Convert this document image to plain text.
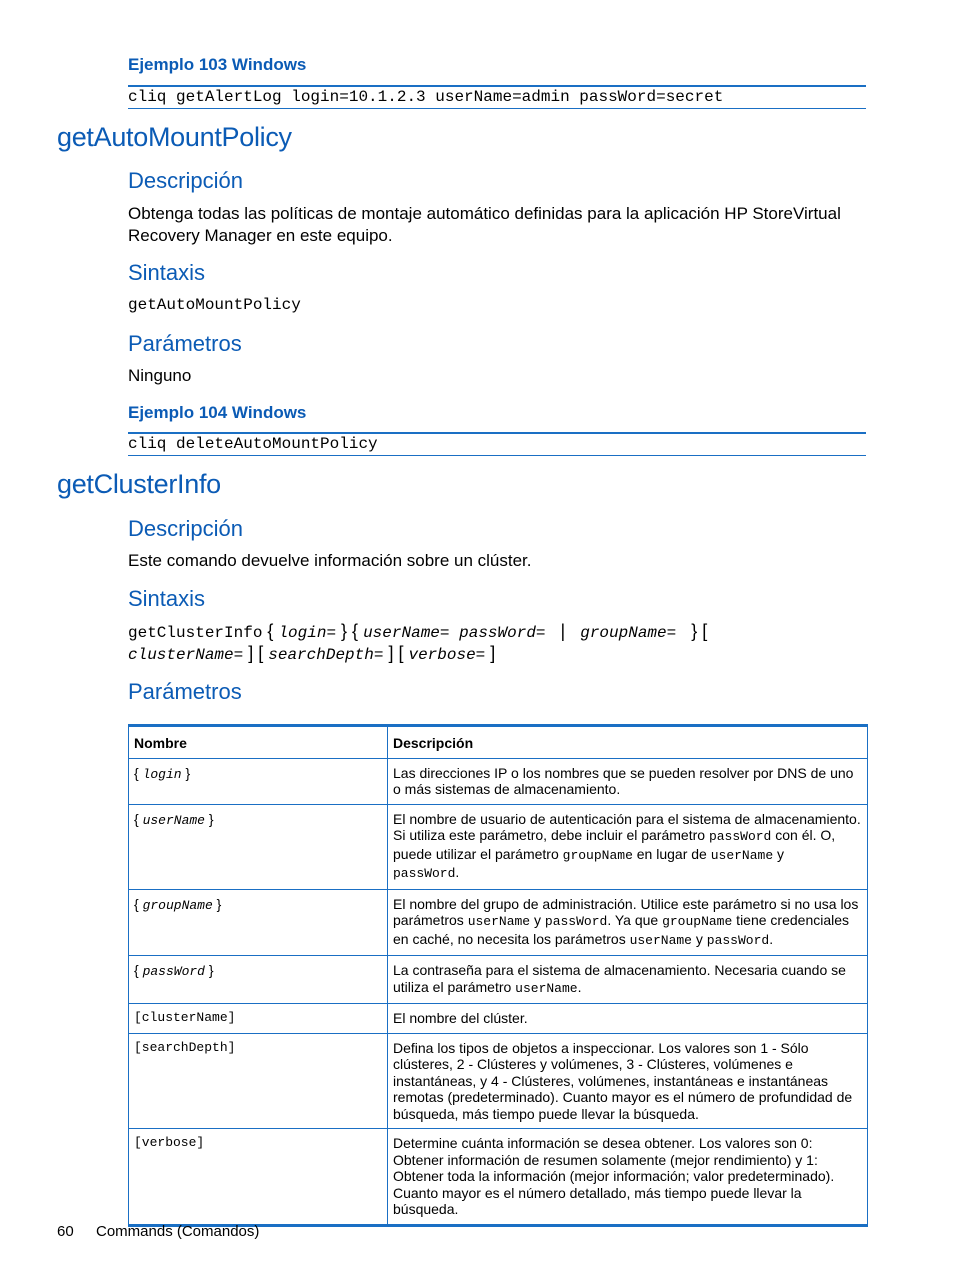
Ejemplo 103 Windows
cliq getAlertLog login=10.1.2.3 userName=admin passWord=secret
getAutoMountPolicy
Descripción
Obtenga todas las políticas de montaje automático definidas para la aplicación HP StoreVirtual Recovery Manager en este equipo.
Sintaxis
getAutoMountPolicy
Parámetros
Ninguno
Ejemplo 104 Windows
cliq deleteAutoMountPolicy
getClusterInfo
Descripción
Este comando devuelve información sobre un clúster.
Sintaxis
getClusterInfo { login= } { userName= passWord=   |   groupName=   } [
clusterName= ] [ searchDepth= ] [ verbose= ]
Parámetros
Nombre	Descripción
{ login }	Las direcciones IP o los nombres que se pueden resolver por DNS de uno o más sistemas de almacenamiento.
{ userName }	El nombre de usuario de autenticación para el sistema de almacenamiento. Si utiliza este parámetro, debe incluir el parámetro passWord con él. O, puede utilizar el parámetro groupName en lugar de userName y
passWord.
{ groupName }	El nombre del grupo de administración. Utilice este parámetro si no usa los parámetros userName y passWord. Ya que groupName tiene credenciales en caché, no necesita los parámetros userName y passWord.
{ passWord }	La contraseña para el sistema de almacenamiento. Necesaria cuando se utiliza el parámetro userName.
[clusterName]	El nombre del clúster.
[searchDepth]	Defina los tipos de objetos a inspeccionar. Los valores son 1 - Sólo clústeres, 2 - Clústeres y volúmenes, 3 - Clústeres, volúmenes e instantáneas, y 4 - Clústeres, volúmenes, instantáneas e instantáneas remotas (predeterminado). Cuanto mayor es el número de profundidad de búsqueda, más tiempo puede llevar la búsqueda.
[verbose]	Determine cuánta información se desea obtener. Los valores son 0: Obtener información de resumen solamente (mejor rendimiento) y 1: Obtener toda la información (mejor información; valor predeterminado). Cuanto mayor es el número detallado, más tiempo puede llevar la búsqueda.
60 Commands (Comandos)
